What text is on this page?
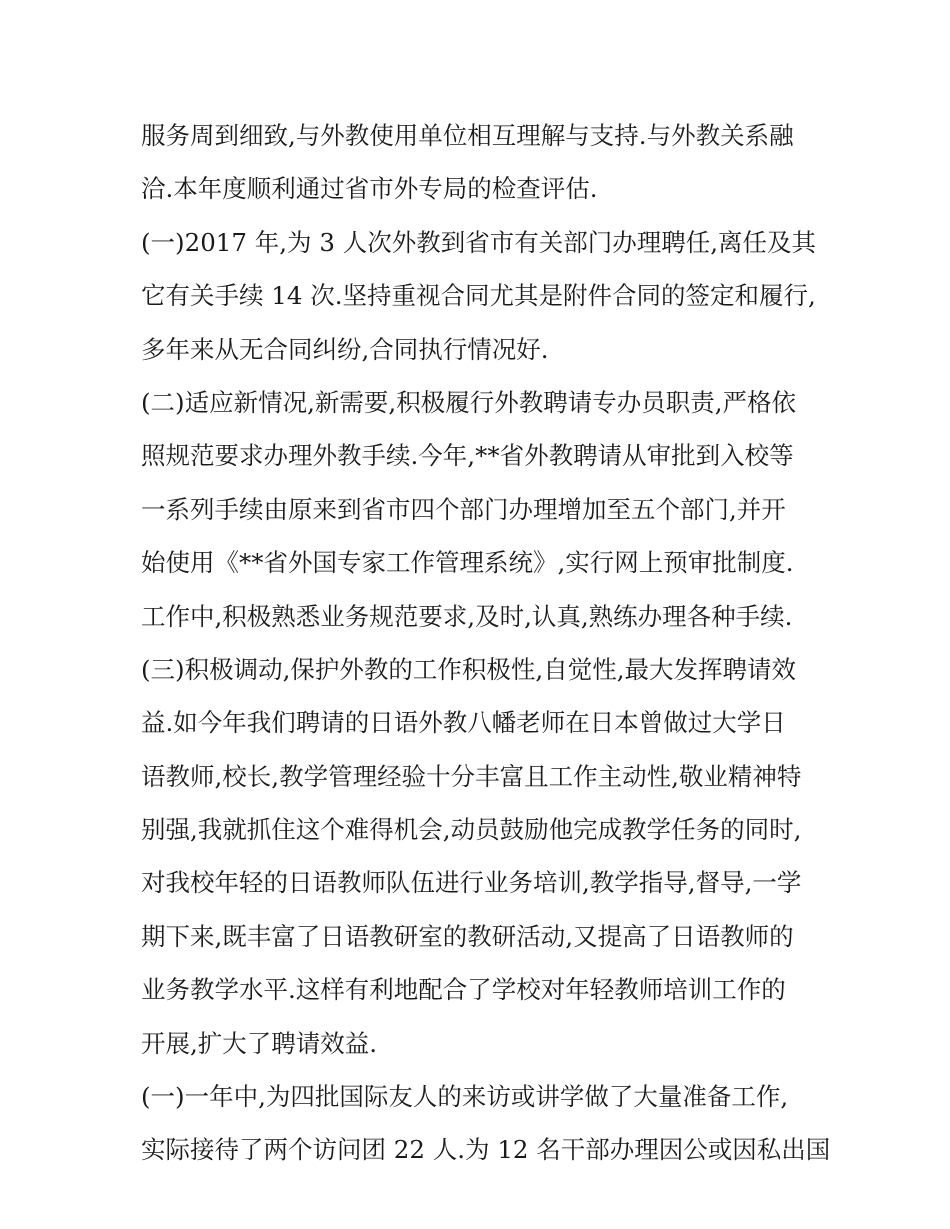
服务周到细致,与外教使用单位相互理解与支持.与外教关系融
洽.本年度顺利通过省市外专局的检查评估.
(一)2017 年,为 3 人次外教到省市有关部门办理聘任,离任及其
它有关手续 14 次.坚持重视合同尤其是附件合同的签定和履行,
多年来从无合同纠纷,合同执行情况好.
(二)适应新情况,新需要,积极履行外教聘请专办员职责,严格依
照规范要求办理外教手续.今年,**省外教聘请从审批到入校等
一系列手续由原来到省市四个部门办理增加至五个部门,并开
始使用《**省外国专家工作管理系统》,实行网上预审批制度.
工作中,积极熟悉业务规范要求,及时,认真,熟练办理各种手续.
(三)积极调动,保护外教的工作积极性,自觉性,最大发挥聘请效
益.如今年我们聘请的日语外教八幡老师在日本曾做过大学日
语教师,校长,教学管理经验十分丰富且工作主动性,敬业精神特
别强,我就抓住这个难得机会,动员鼓励他完成教学任务的同时,
对我校年轻的日语教师队伍进行业务培训,教学指导,督导,一学
期下来,既丰富了日语教研室的教研活动,又提高了日语教师的
业务教学水平.这样有利地配合了学校对年轻教师培训工作的
开展,扩大了聘请效益.
(一)一年中,为四批国际友人的来访或讲学做了大量准备工作,
实际接待了两个访问团 22 人.为 12 名干部办理因公或因私出国
